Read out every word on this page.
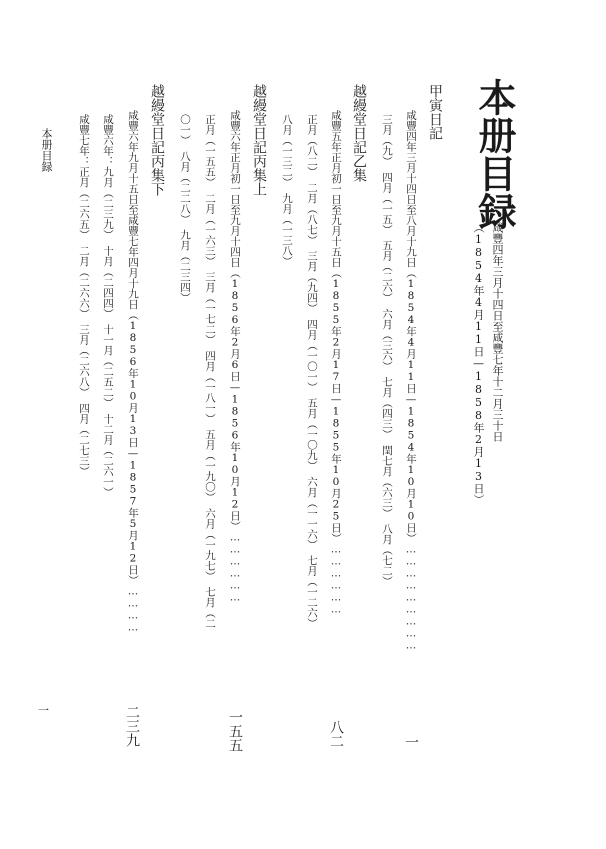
本册目録
咸豐四年三月十四日至咸豐七年十二月三十日
（1854年4月11日—1858年2月13日）
甲寅日記
咸豐四年三月十四日至八月十九日（1854年4月11日—1854年10月10日）………………………
一
三月（九）　四月（一五）　五月（二六）　六月（三六）　七月（四三）　閏七月（六三）　八月（七二）
越縵堂日記乙集
咸豐五年正月初一日至九月十五日（1855年2月17日—1855年10月25日）………………
八二
正月（八二）　二月（八七）　三月（九四）　四月（一〇一）　五月（一〇九）　六月（一一六）　七月（一二六）
八月（一三二）　九月（一三八）
越縵堂日記丙集上
咸豐六年正月初一日至九月十四日（1856年2月6日—1856年10月12日）………………
一五五
正月（一五五）　二月（一六三）　三月（一七二）　四月（一八一）　五月（一九〇）　六月（一九七）　七月（二
〇一）　八月（二二八）　九月（二三四）
越縵堂日記丙集下
咸豐六年九月十五日至咸豐七年四月十九日（1856年10月13日—1857年5月12日）…………
二三九
咸豐六年：九月（二三九）　十月（二四四）　十一月（二五二）　十二月（二六一）
咸豐七年：正月（二六五）　二月（二六六）　三月（二六八）　四月（二七三）
本册目録
一
